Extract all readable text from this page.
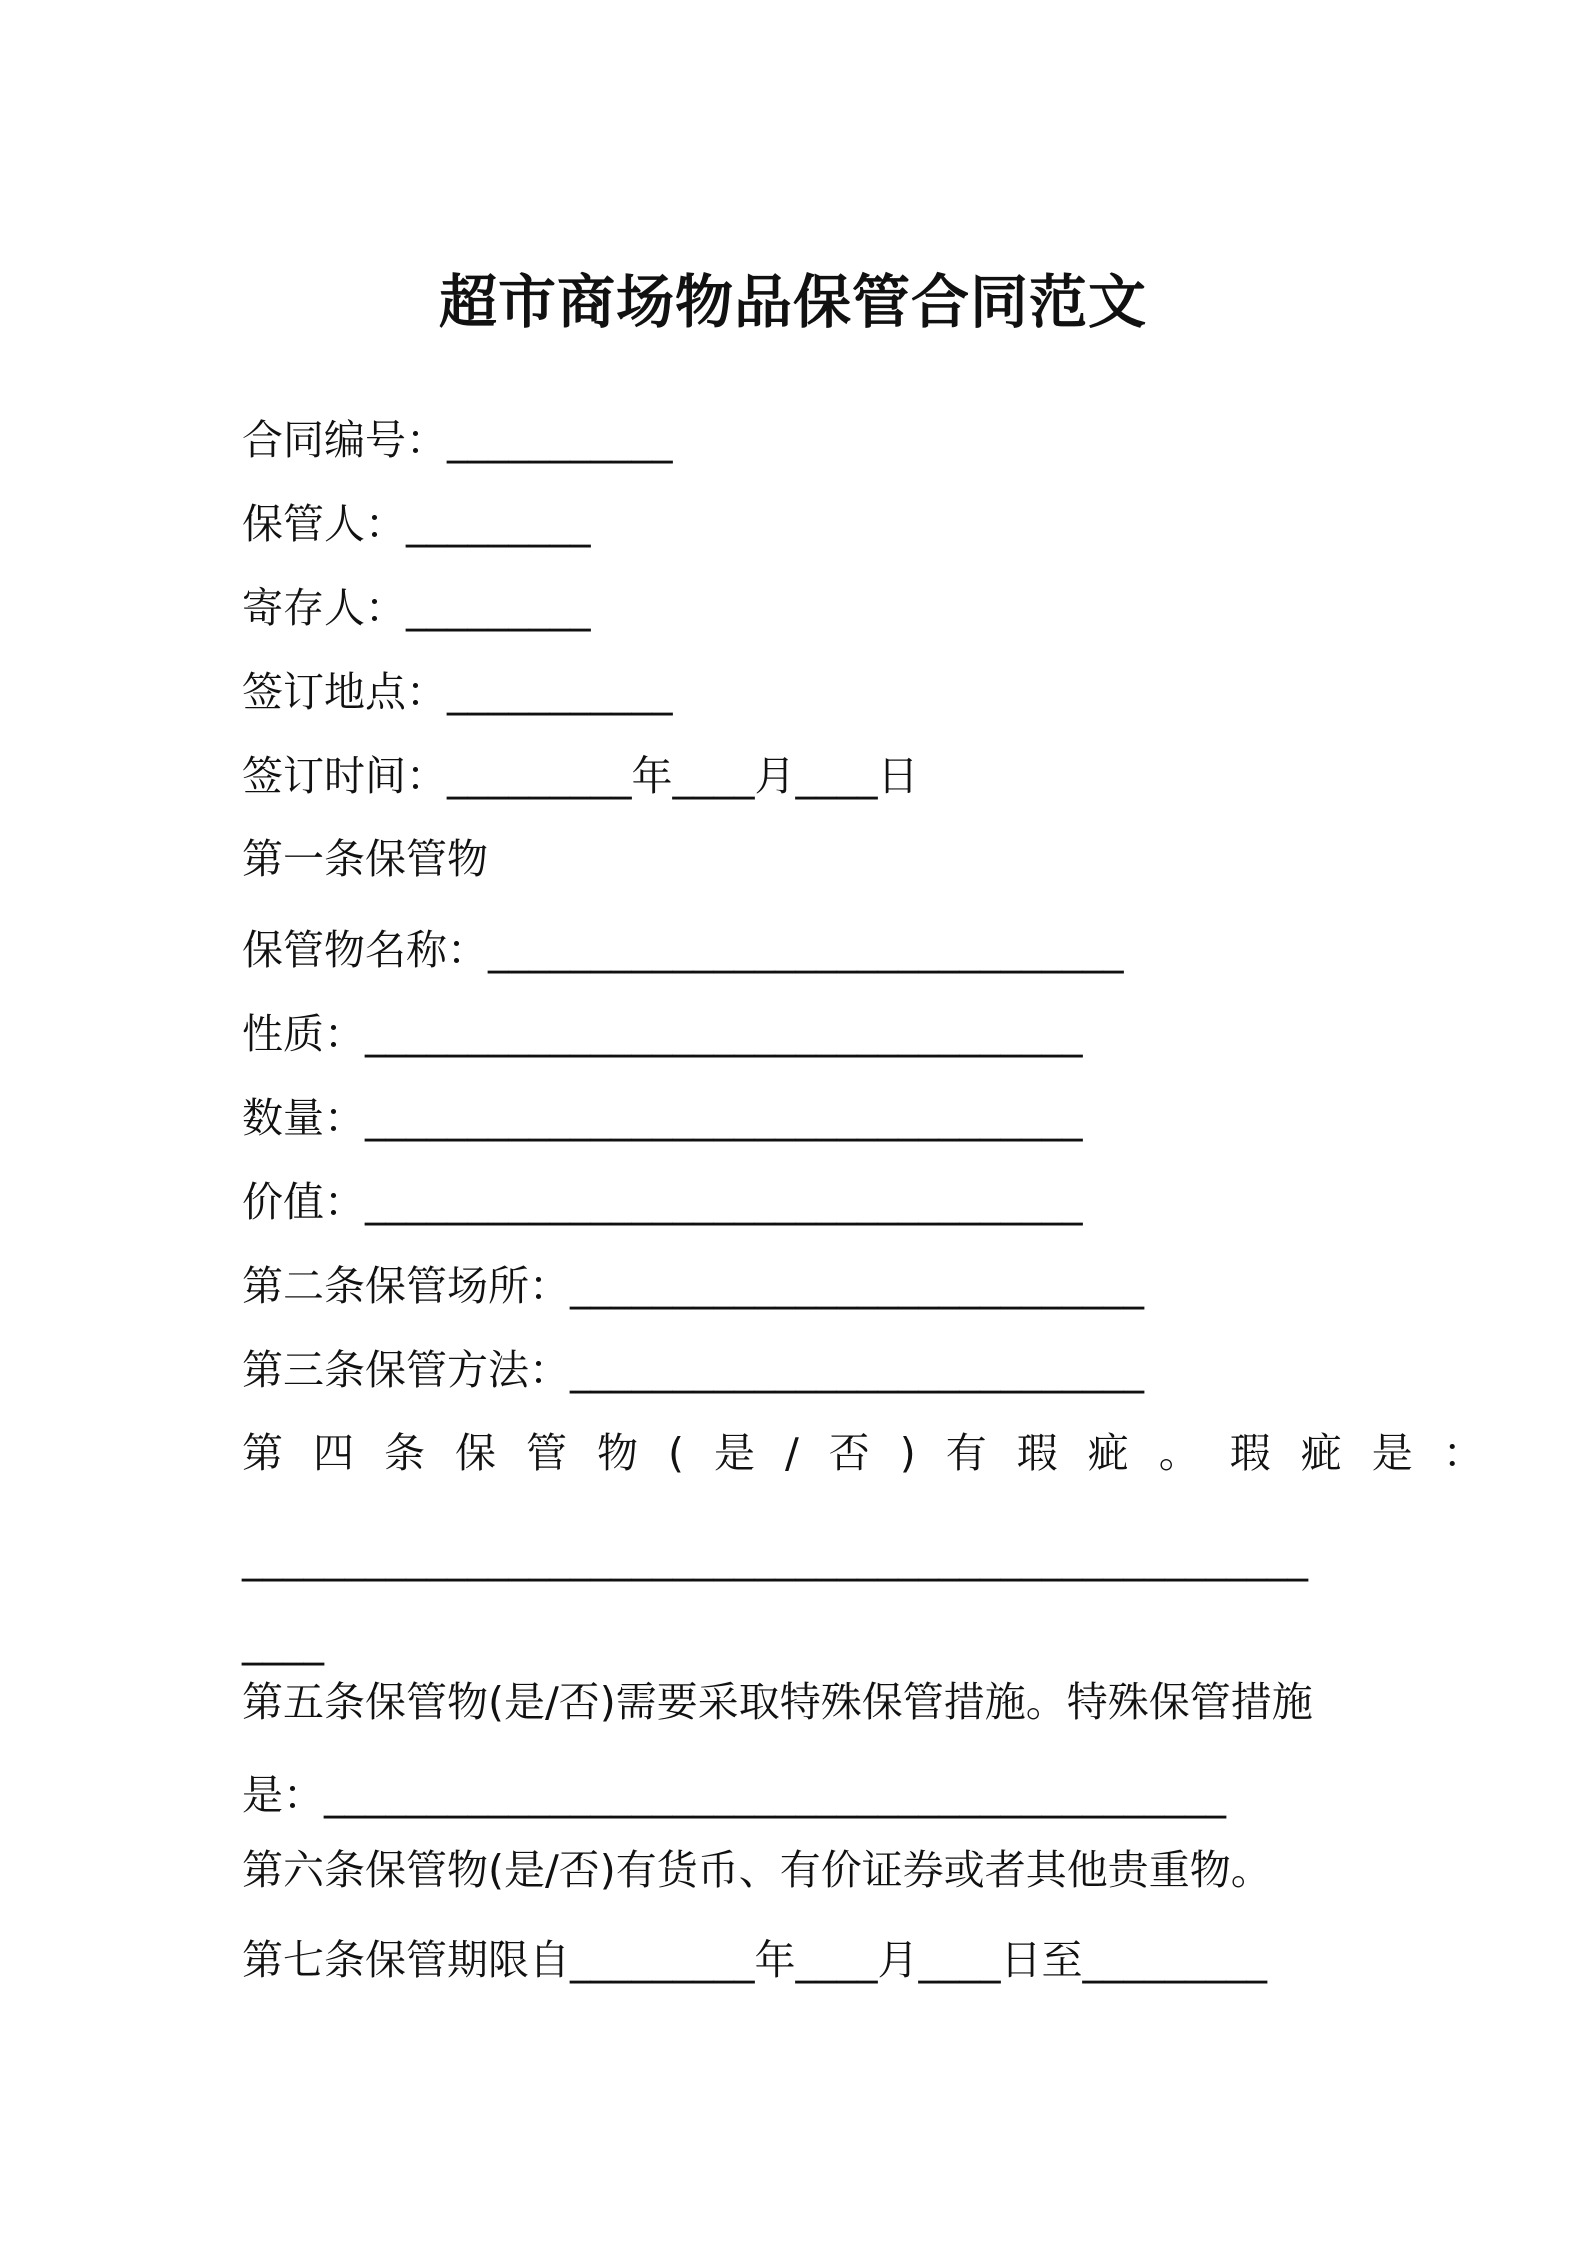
超市商场物品保管合同范文
合同编号：___________
保管人：_________
寄存人：_________
签订地点：___________
签订时间：_________年____月____日
第一条保管物
保管物名称：_______________________________
性质：___________________________________
数量：___________________________________
价值：___________________________________
第二条保管场所：____________________________
第三条保管方法：____________________________
第四条保管物(是/否)有瑕疵。瑕疵是：
____________________________________________________
____
第五条保管物(是/否)需要采取特殊保管措施。特殊保管措施
是：____________________________________________
第六条保管物(是/否)有货币、有价证券或者其他贵重物。
第七条保管期限自_________年____月____日至_________
